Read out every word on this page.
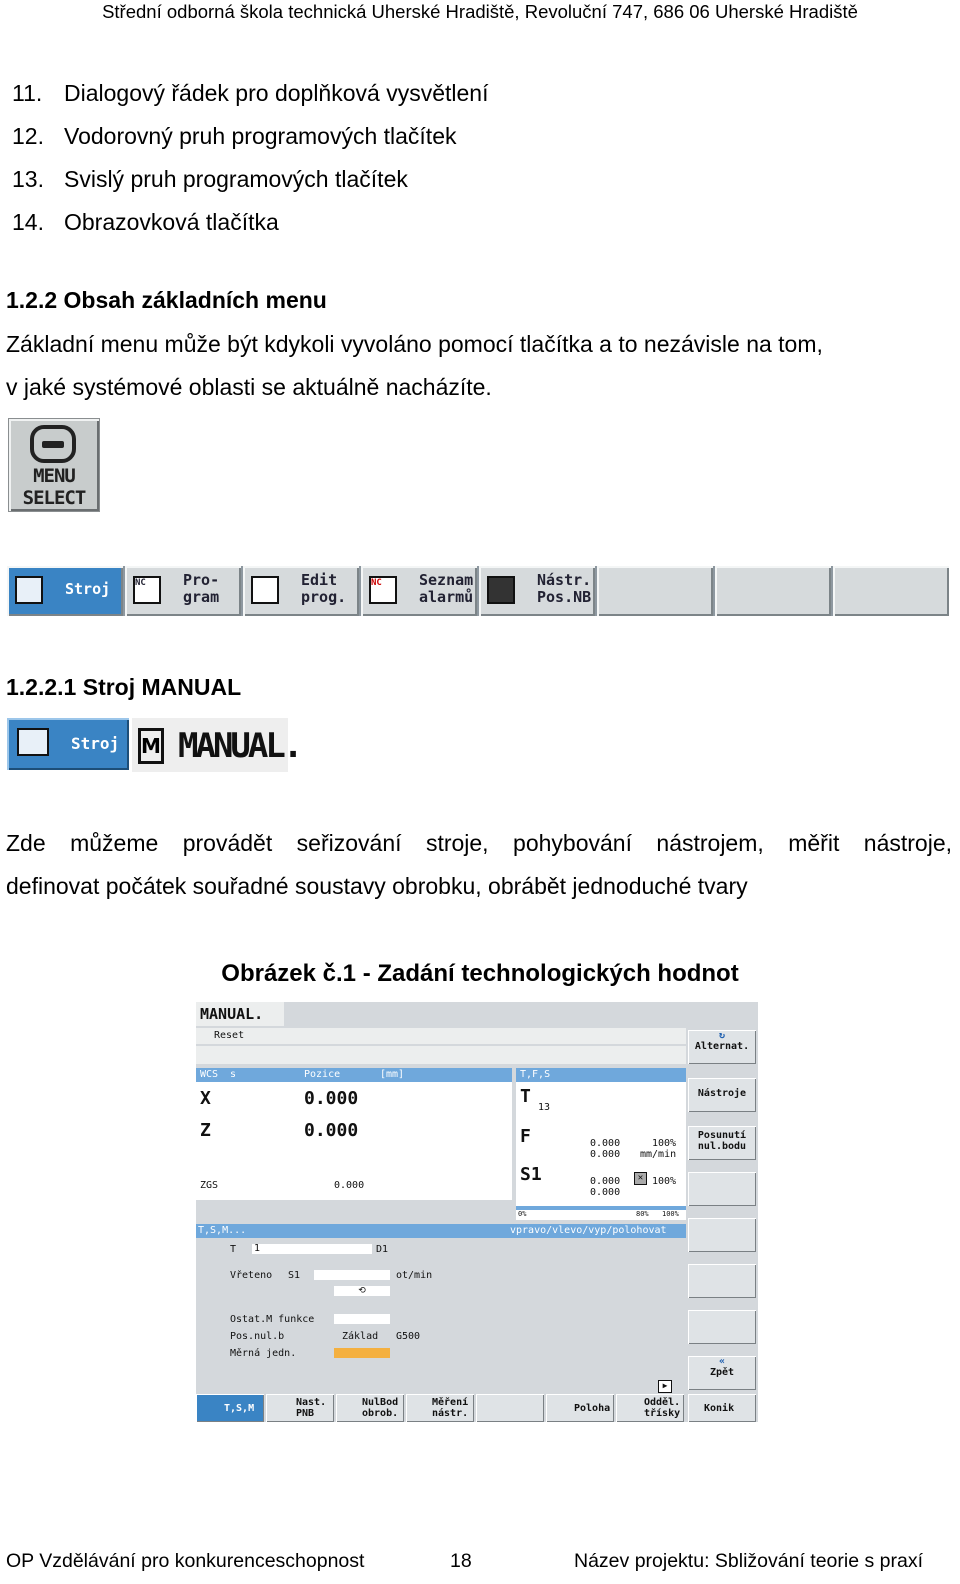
Střední odborná škola technická Uherské Hradiště, Revoluční 747, 686 06 Uherské Hradiště
11. Dialogový řádek pro doplňková vysvětlení
12. Vodorovný pruh programových tlačítek
13. Svislý pruh programových tlačítek
14. Obrazovková tlačítka
1.2.2 Obsah základních menu
Základní menu může být kdykoli vyvoláno pomocí tlačítka a to nezávisle na tom,
v jaké systémové oblasti se aktuálně nacházíte.
MENU
SELECT
Stroj	NC	Pro-
gram
Edit
prog.
NC	Seznam
alarmů
Nástr.
Pos.NB
1.2.2.1 Stroj MANUAL
Stroj M MANUAL.
Zde můžeme provádět seřizování stroje, pohybování nástrojem, měřit nástroje,
definovat počátek souřadné soustavy obrobku, obrábět jednoduché tvary
Obrázek č.1 - Zadání technologických hodnot
MANUAL.
Reset
WCS s	Pozice	[mm]
X	0.000
Z	0.000
ZGS	0.000
T,F,S
T
13
F	0.000
0.000
100%
mm/min
S1	0.000
0.000
✕ 100%
0%	80% 100%
T,S,M...	vpravo/vlevo/vyp/polohovat
T 1	D1
Vřeteno S1	ot/min
⟲
Ostat.M funkce
Pos.nul.b	Základ G500
Měrná jedn.
▶
↻
Alternat.
Nástroje
Posunutí
nul.bodu
«
Zpět
T,S,M
Nast.
PNB
NulBod
obrob.
Měření
nástr.	Poloha
Odděl.
třísky	Konik
OP Vzdělávání pro konkurenceschopnost	18	Název projektu: Sbližování teorie s praxí
